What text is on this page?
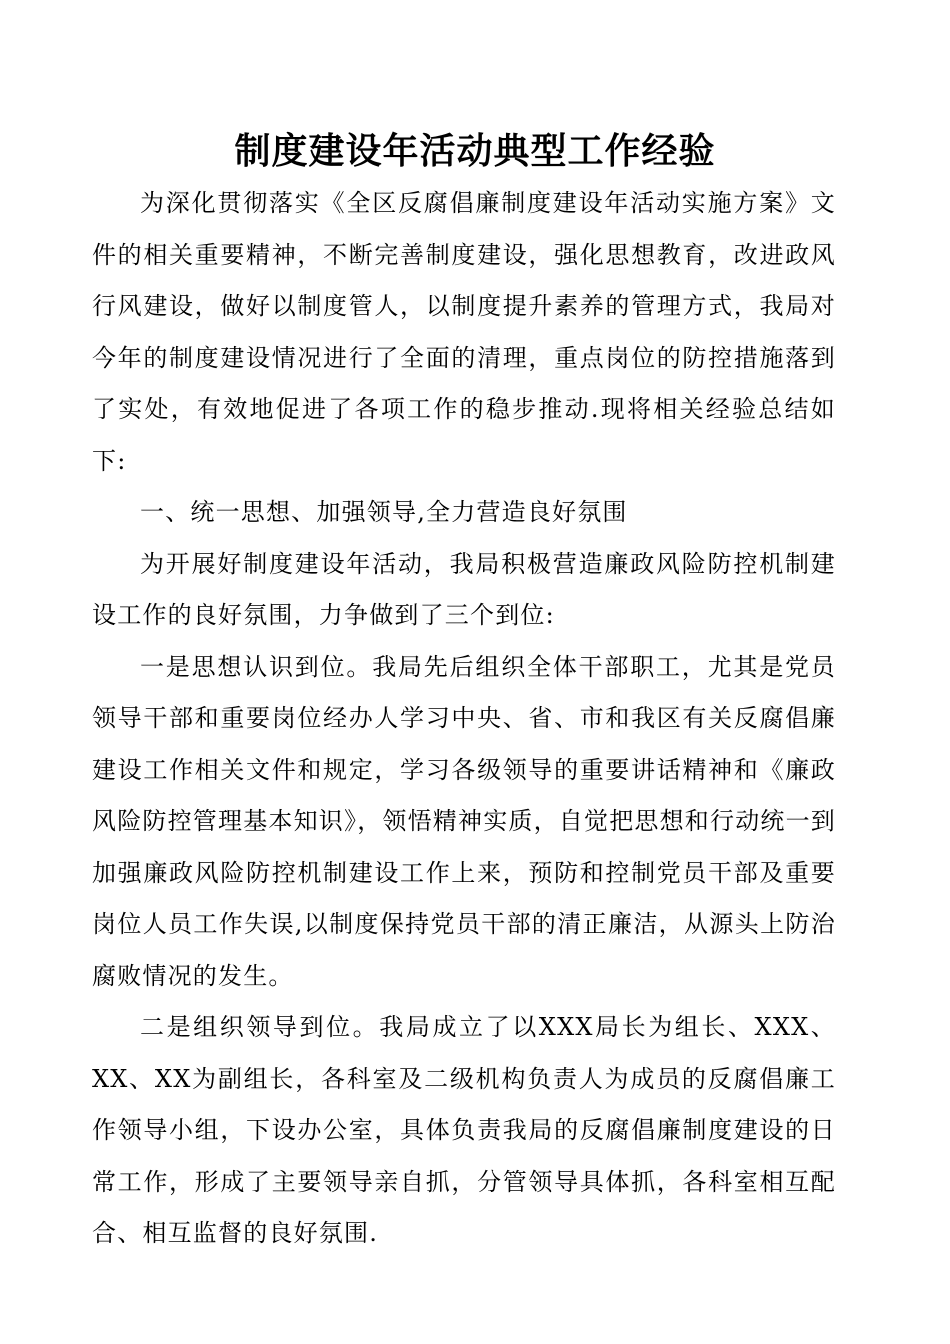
制度建设年活动典型工作经验

为深化贯彻落实《全区反腐倡廉制度建设年活动实施方案》文件的相关重要精神，不断完善制度建设，强化思想教育，改进政风行风建设，做好以制度管人，以制度提升素养的管理方式，我局对今年的制度建设情况进行了全面的清理，重点岗位的防控措施落到了实处，有效地促进了各项工作的稳步推动.现将相关经验总结如下:

一、统一思想、加强领导,全力营造良好氛围

为开展好制度建设年活动，我局积极营造廉政风险防控机制建设工作的良好氛围，力争做到了三个到位:

一是思想认识到位。我局先后组织全体干部职工，尤其是党员领导干部和重要岗位经办人学习中央、省、市和我区有关反腐倡廉建设工作相关文件和规定，学习各级领导的重要讲话精神和《廉政风险防控管理基本知识》，领悟精神实质，自觉把思想和行动统一到加强廉政风险防控机制建设工作上来，预防和控制党员干部及重要岗位人员工作失误,以制度保持党员干部的清正廉洁，从源头上防治腐败情况的发生。

二是组织领导到位。我局成立了以XXX局长为组长、XXX、XX、XX为副组长，各科室及二级机构负责人为成员的反腐倡廉工作领导小组，下设办公室，具体负责我局的反腐倡廉制度建设的日常工作，形成了主要领导亲自抓，分管领导具体抓，各科室相互配合、相互监督的良好氛围.
